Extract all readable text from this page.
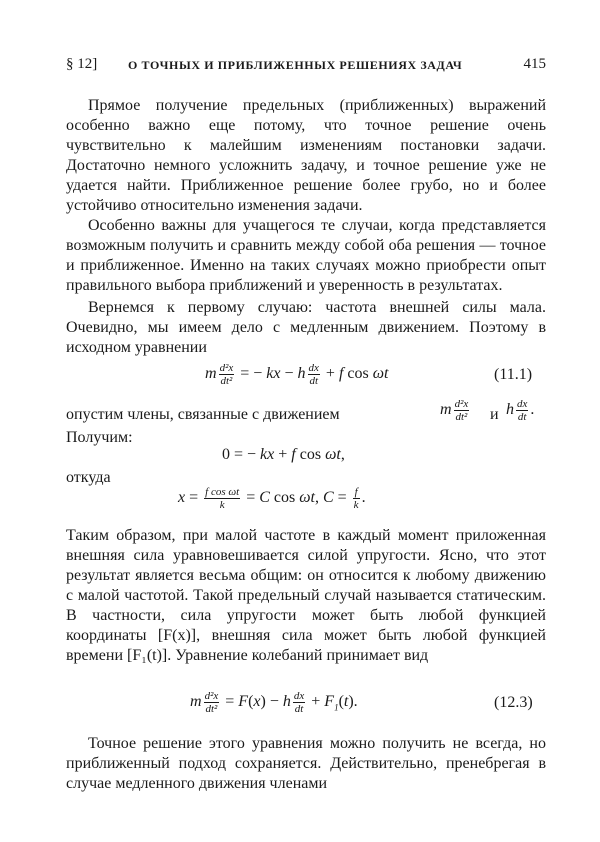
§ 12]	О ТОЧНЫХ И ПРИБЛИЖЕННЫХ РЕШЕНИЯХ ЗАДАЧ	415
Прямое получение предельных (приближенных) выражений особенно важно еще потому, что точное решение очень чувствительно к малейшим изменениям постановки задачи. Достаточно немного усложнить задачу, и точное решение уже не удается найти. Приближенное решение более грубо, но и более устойчиво относительно изменения задачи.
Особенно важны для учащегося те случаи, когда представляется возможным получить и сравнить между собой оба решения — точное и приближенное. Именно на таких случаях можно приобрести опыт правильного выбора приближений и уверенность в результатах.
Вернемся к первому случаю: частота внешней силы мала. Очевидно, мы имеем дело с медленным движением. Поэтому в исходном уравнении
m $\frac{\text{d²x}}{\text{dt²}}$ = − kx − h $\frac{dx}{dt} + f$ cos ωt	(11.1)
опустим члены, связанные с движением	m $\frac{\text{d²x}}{\text{dt²}}$ и h $\frac{dx}{dt}$ .
Получим:
0 = − kx + f cos ωt,
откуда
$x = \frac{\text{f cos ωt}}{k} = C$ cos ωt, $C = \frac{f}{k}$ .
Таким образом, при малой частоте в каждый момент приложенная внешняя сила уравновешивается силой упругости. Ясно, что этот результат является весьма общим: он относится к любому движению с малой частотой. Такой предельный случай называется статическим. В частности, сила упругости может быть любой функцией координаты [F(x)], внешняя сила может быть любой функцией времени [F₁(t)]. Уравнение колебаний принимает вид
m $\frac{\text{d²x}}{\text{dt²}} = F(x) - h \frac{dx}{dt} + F_1(t)$.	(12.3)
Точное решение этого уравнения можно получить не всегда, но приближенный подход сохраняется. Действительно, пренебрегая в случае медленного движения членами
